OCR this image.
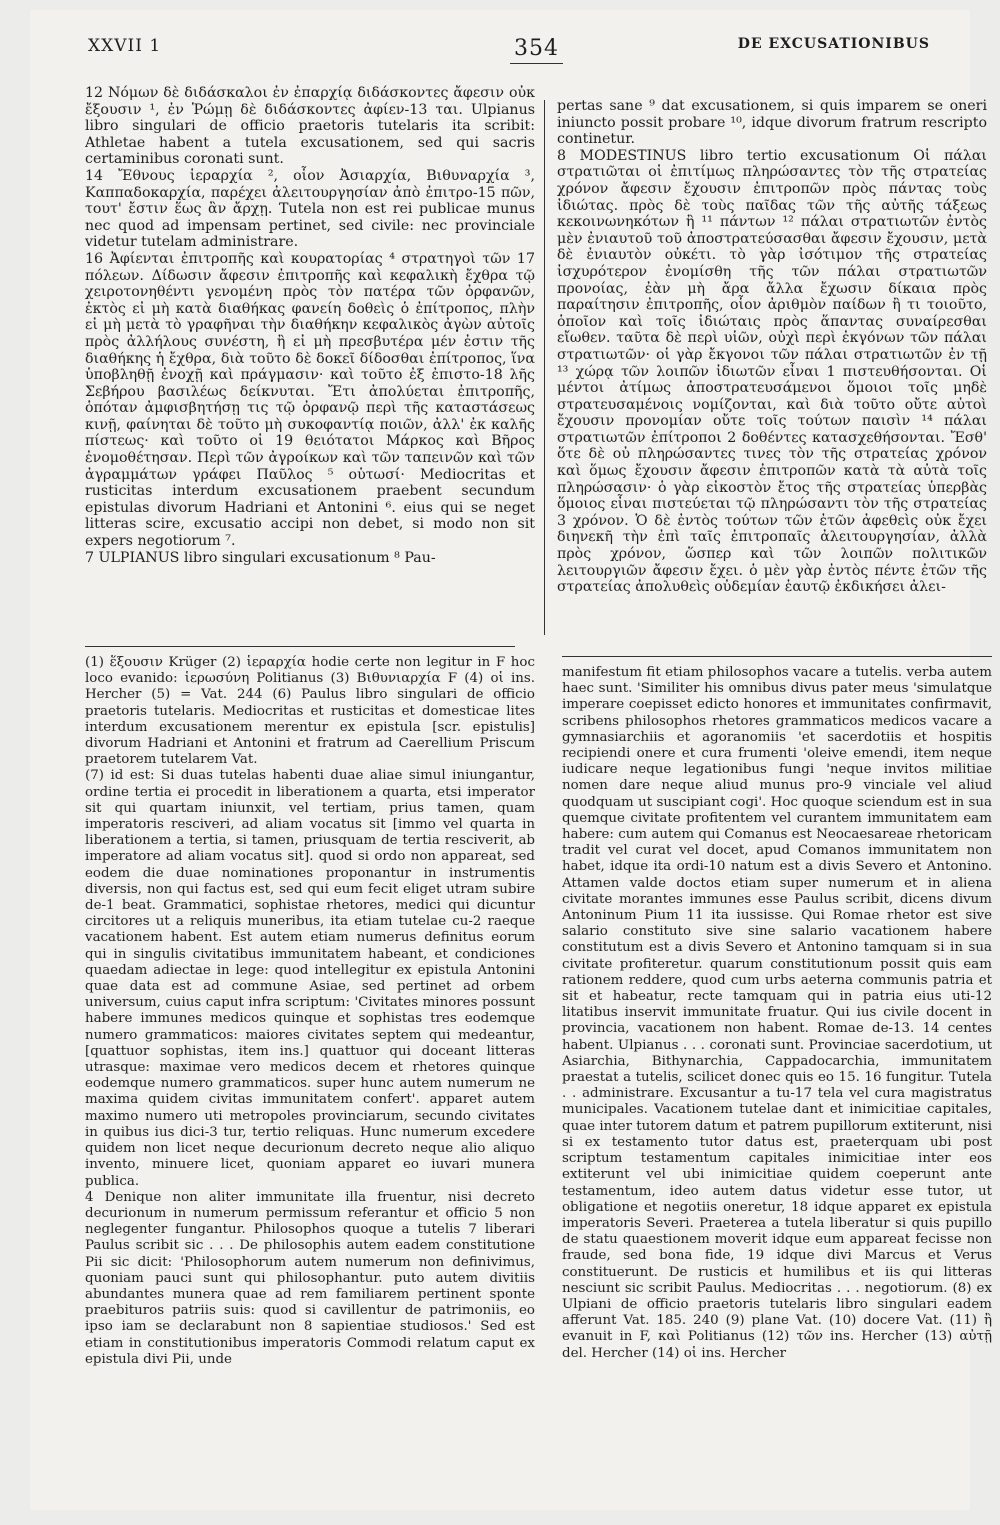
XXVII 1	354	DE EXCUSATIONIBUS

12 Νόμων δὲ διδάσκαλοι ἐν ἐπαρχίᾳ διδάσκοντες ἄφεσιν οὐκ ἔξουσιν ¹, ἐν Ῥώμῃ δὲ διδάσκοντες ἀφίεν-13 ται. Ulpianus libro singulari de officio praetoris tutelaris ita scribit: Athletae habent a tutela excusationem, sed qui sacris certaminibus coronati sunt.

14 Ἔθνους ἱεραρχία ², οἷον Ἀσιαρχία, Βιθυναρχία ³, Καππαδοκαρχία, παρέχει ἀλειτουργησίαν ἀπὸ ἐπιτρο-15 πῶν, τουτ' ἔστιν ἕως ἂν ἄρχῃ. Tutela non est rei publicae munus nec quod ad impensam pertinet, sed civile: nec provinciale videtur tutelam administrare.

16 Ἀφίενται ἐπιτροπῆς καὶ κουρατορίας ⁴ στρατηγοὶ τῶν 17 πόλεων. Δίδωσιν ἄφεσιν ἐπιτροπῆς καὶ κεφαλικὴ ἔχθρα τῷ χειροτονηθέντι γενομένη πρὸς τὸν πατέρα τῶν ὀρφανῶν, ἐκτὸς εἰ μὴ κατὰ διαθήκας φανείη δοθεὶς ὁ ἐπίτροπος, πλὴν εἰ μὴ μετὰ τὸ γραφῆναι τὴν διαθήκην κεφαλικὸς ἀγὼν αὐτοῖς πρὸς ἀλλήλους συνέστη, ἢ εἰ μὴ πρεσβυτέρα μέν ἐστιν τῆς διαθήκης ἡ ἔχθρα, διὰ τοῦτο δὲ δοκεῖ δίδοσθαι ἐπίτροπος, ἵνα ὑποβληθῇ ἐνοχῇ καὶ πράγμασιν· καὶ τοῦτο ἐξ ἐπιστο-18 λῆς Σεβήρου βασιλέως δείκνυται. Ἔτι ἀπολύεται ἐπιτροπῆς, ὁπόταν ἀμφισβητήσῃ τις τῷ ὀρφανῷ περὶ τῆς καταστάσεως κινῇ, φαίνηται δὲ τοῦτο μὴ συκοφαντίᾳ ποιῶν, ἀλλ' ἐκ καλῆς πίστεως· καὶ τοῦτο οἱ 19 θειότατοι Μάρκος καὶ Βῆρος ἐνομοθέτησαν. Περὶ τῶν ἀγροίκων καὶ τῶν ταπεινῶν καὶ τῶν ἀγραμμάτων γράφει Παῦλος ⁵ οὑτωσί· Mediocritas et rusticitas interdum excusationem praebent secundum epistulas divorum Hadriani et Antonini ⁶. eius qui se neget litteras scire, excusatio accipi non debet, si modo non sit expers negotiorum ⁷.

7 ULPIANUS libro singulari excusationum ⁸ Pau-

pertas sane ⁹ dat excusationem, si quis imparem se oneri iniuncto possit probare ¹⁰, idque divorum fratrum rescripto continetur.

8 MODESTINUS libro tertio excusationum Οἱ πάλαι στρατιῶται οἱ ἐπιτίμως πληρώσαντες τὸν τῆς στρατείας χρόνον ἄφεσιν ἔχουσιν ἐπιτροπῶν πρὸς πάντας τοὺς ἰδιώτας. πρὸς δὲ τοὺς παῖδας τῶν τῆς αὐτῆς τάξεως κεκοινωνηκότων ἢ ¹¹ πάντων ¹² πάλαι στρατιωτῶν ἐντὸς μὲν ἐνιαυτοῦ τοῦ ἀποστρατεύσασθαι ἄφεσιν ἔχουσιν, μετὰ δὲ ἐνιαυτὸν οὐκέτι. τὸ γὰρ ἰσότιμον τῆς στρατείας ἰσχυρότερον ἐνομίσθη τῆς τῶν πάλαι στρατιωτῶν προνοίας, ἐὰν μὴ ἄρα ἄλλα ἔχωσιν δίκαια πρὸς παραίτησιν ἐπιτροπῆς, οἷον ἀριθμὸν παίδων ἢ τι τοιοῦτο, ὁποῖον καὶ τοῖς ἰδιώταις πρὸς ἅπαντας συναίρεσθαι εἴωθεν. ταῦτα δὲ περὶ υἱῶν, οὐχὶ περὶ ἐκγόνων τῶν πάλαι στρατιωτῶν· οἱ γὰρ ἔκγονοι τῶν πάλαι στρατιωτῶν ἐν τῇ ¹³ χώρᾳ τῶν λοιπῶν ἰδιωτῶν εἶναι 1 πιστευθήσονται. Οἱ μέντοι ἀτίμως ἀποστρατευσάμενοι ὅμοιοι τοῖς μηδὲ στρατευσαμένοις νομίζονται, καὶ διὰ τοῦτο οὔτε αὐτοὶ ἔχουσιν προνομίαν οὔτε τοῖς τούτων παισὶν ¹⁴ πάλαι στρατιωτῶν ἐπίτροποι 2 δοθέντες κατασχεθήσονται. Ἔσθ' ὅτε δὲ οὐ πληρώσαντες τινες τὸν τῆς στρατείας χρόνον καὶ ὅμως ἔχουσιν ἄφεσιν ἐπιτροπῶν κατὰ τὰ αὐτὰ τοῖς πληρώσασιν· ὁ γὰρ εἰκοστὸν ἔτος τῆς στρατείας ὑπερβὰς ὅμοιος εἶναι πιστεύεται τῷ πληρώσαντι τὸν τῆς στρατείας 3 χρόνον. Ὁ δὲ ἐντὸς τούτων τῶν ἐτῶν ἀφεθεὶς οὐκ ἔχει διηνεκῆ τὴν ἐπὶ ταῖς ἐπιτροπαῖς ἀλειτουργησίαν, ἀλλὰ πρὸς χρόνον, ὥσπερ καὶ τῶν λοιπῶν πολιτικῶν λειτουργιῶν ἄφεσιν ἔχει. ὁ μὲν γὰρ ἐντὸς πέντε ἐτῶν τῆς στρατείας ἀπολυθεὶς οὐδεμίαν ἑαυτῷ ἐκδικήσει ἀλει-

(1) ἕξουσιν Krüger (2) ἱεραρχία hodie certe non legitur in F hoc loco evanido: ἱερωσύνη Politianus (3) Βιθυνιαρχία F (4) οἱ ins. Hercher (5) = Vat. 244 (6) Paulus libro singulari de officio praetoris tutelaris. Mediocritas et rusticitas et domesticae lites interdum excusationem merentur ex epistula [scr. epistulis] divorum Hadriani et Antonini et fratrum ad Caerellium Priscum praetorem tutelarem Vat.

(7) id est: Si duas tutelas habenti duae aliae simul iniungantur, ordine tertia ei procedit in liberationem a quarta, etsi imperator sit qui quartam iniunxit, vel tertiam, prius tamen, quam imperatoris resciveri, ad aliam vocatus sit [immo vel quarta in liberationem a tertia, si tamen, priusquam de tertia resciverit, ab imperatore ad aliam vocatus sit]. quod si ordo non appareat, sed eodem die duae nominationes proponantur in instrumentis diversis, non qui factus est, sed qui eum fecit eliget utram subire de-1 beat. Grammatici, sophistae rhetores, medici qui dicuntur circitores ut a reliquis muneribus, ita etiam tutelae cu-2 raeque vacationem habent. Est autem etiam numerus definitus eorum qui in singulis civitatibus immunitatem habeant, et condiciones quaedam adiectae in lege: quod intellegitur ex epistula Antonini quae data est ad commune Asiae, sed pertinet ad orbem universum, cuius caput infra scriptum: 'Civitates minores possunt habere immunes medicos quinque et sophistas tres eodemque numero grammaticos: maiores civitates septem qui medeantur, [quattuor sophistas, item ins.] quattuor qui doceant litteras utrasque: maximae vero medicos decem et rhetores quinque eodemque numero grammaticos. super hunc autem numerum ne maxima quidem civitas immunitatem confert'. apparet autem maximo numero uti metropoles provinciarum, secundo civitates in quibus ius dici-3 tur, tertio reliquas. Hunc numerum excedere quidem non licet neque decurionum decreto neque alio aliquo invento, minuere licet, quoniam apparet eo iuvari munera publica.

4 Denique non aliter immunitate illa fruentur, nisi decreto decurionum in numerum permissum referantur et officio 5 non neglegenter fungantur. Philosophos quoque a tutelis 7 liberari Paulus scribit sic . . . De philosophis autem eadem constitutione Pii sic dicit: 'Philosophorum autem numerum non definivimus, quoniam pauci sunt qui philosophantur. puto autem divitiis abundantes munera quae ad rem familiarem pertinent sponte praebituros patriis suis: quod si cavillentur de patrimoniis, eo ipso iam se declarabunt non 8 sapientiae studiosos.' Sed est etiam in constitutionibus imperatoris Commodi relatum caput ex epistula divi Pii, unde

manifestum fit etiam philosophos vacare a tutelis. verba autem haec sunt. 'Similiter his omnibus divus pater meus 'simulatque imperare coepisset edicto honores et immunitates confirmavit, scribens philosophos rhetores grammaticos medicos vacare a gymnasiarchiis et agoranomiis 'et sacerdotiis et hospitis recipiendi onere et cura frumenti 'oleive emendi, item neque iudicare neque legationibus fungi 'neque invitos militiae nomen dare neque aliud munus pro-9 vinciale vel aliud quodquam ut suscipiant cogi'. Hoc quoque sciendum est in sua quemque civitate profitentem vel curantem immunitatem eam habere: cum autem qui Comanus est Neocaesareae rhetoricam tradit vel curat vel docet, apud Comanos immunitatem non habet, idque ita ordi-10 natum est a divis Severo et Antonino. Attamen valde doctos etiam super numerum et in aliena civitate morantes immunes esse Paulus scribit, dicens divum Antoninum Pium 11 ita iussisse. Qui Romae rhetor est sive salario constituto sive sine salario vacationem habere constitutum est a divis Severo et Antonino tamquam si in sua civitate profiteretur. quarum constitutionum possit quis eam rationem reddere, quod cum urbs aeterna communis patria et sit et habeatur, recte tamquam qui in patria eius uti-12 litatibus inservit immunitate fruatur. Qui ius civile docent in provincia, vacationem non habent. Romae de-13. 14 centes habent. Ulpianus . . . coronati sunt. Provinciae sacerdotium, ut Asiarchia, Bithynarchia, Cappadocarchia, immunitatem praestat a tutelis, scilicet donec quis eo 15. 16 fungitur. Tutela . . administrare. Excusantur a tu-17 tela vel cura magistratus municipales. Vacationem tutelae dant et inimicitiae capitales, quae inter tutorem datum et patrem pupillorum extiterunt, nisi si ex testamento tutor datus est, praeterquam ubi post scriptum testamentum capitales inimicitiae inter eos extiterunt vel ubi inimicitiae quidem coeperunt ante testamentum, ideo autem datus videtur esse tutor, ut obligatione et negotiis oneretur, 18 idque apparet ex epistula imperatoris Severi. Praeterea a tutela liberatur si quis pupillo de statu quaestionem moverit idque eum appareat fecisse non fraude, sed bona fide, 19 idque divi Marcus et Verus constituerunt. De rusticis et humilibus et iis qui litteras nesciunt sic scribit Paulus. Mediocritas . . . negotiorum. (8) ex Ulpiani de officio praetoris tutelaris libro singulari eadem afferunt Vat. 185. 240 (9) plane Vat. (10) docere Vat. (11) ἢ evanuit in F, καὶ Politianus (12) τῶν ins. Hercher (13) αὐτῇ del. Hercher (14) οἱ ins. Hercher
